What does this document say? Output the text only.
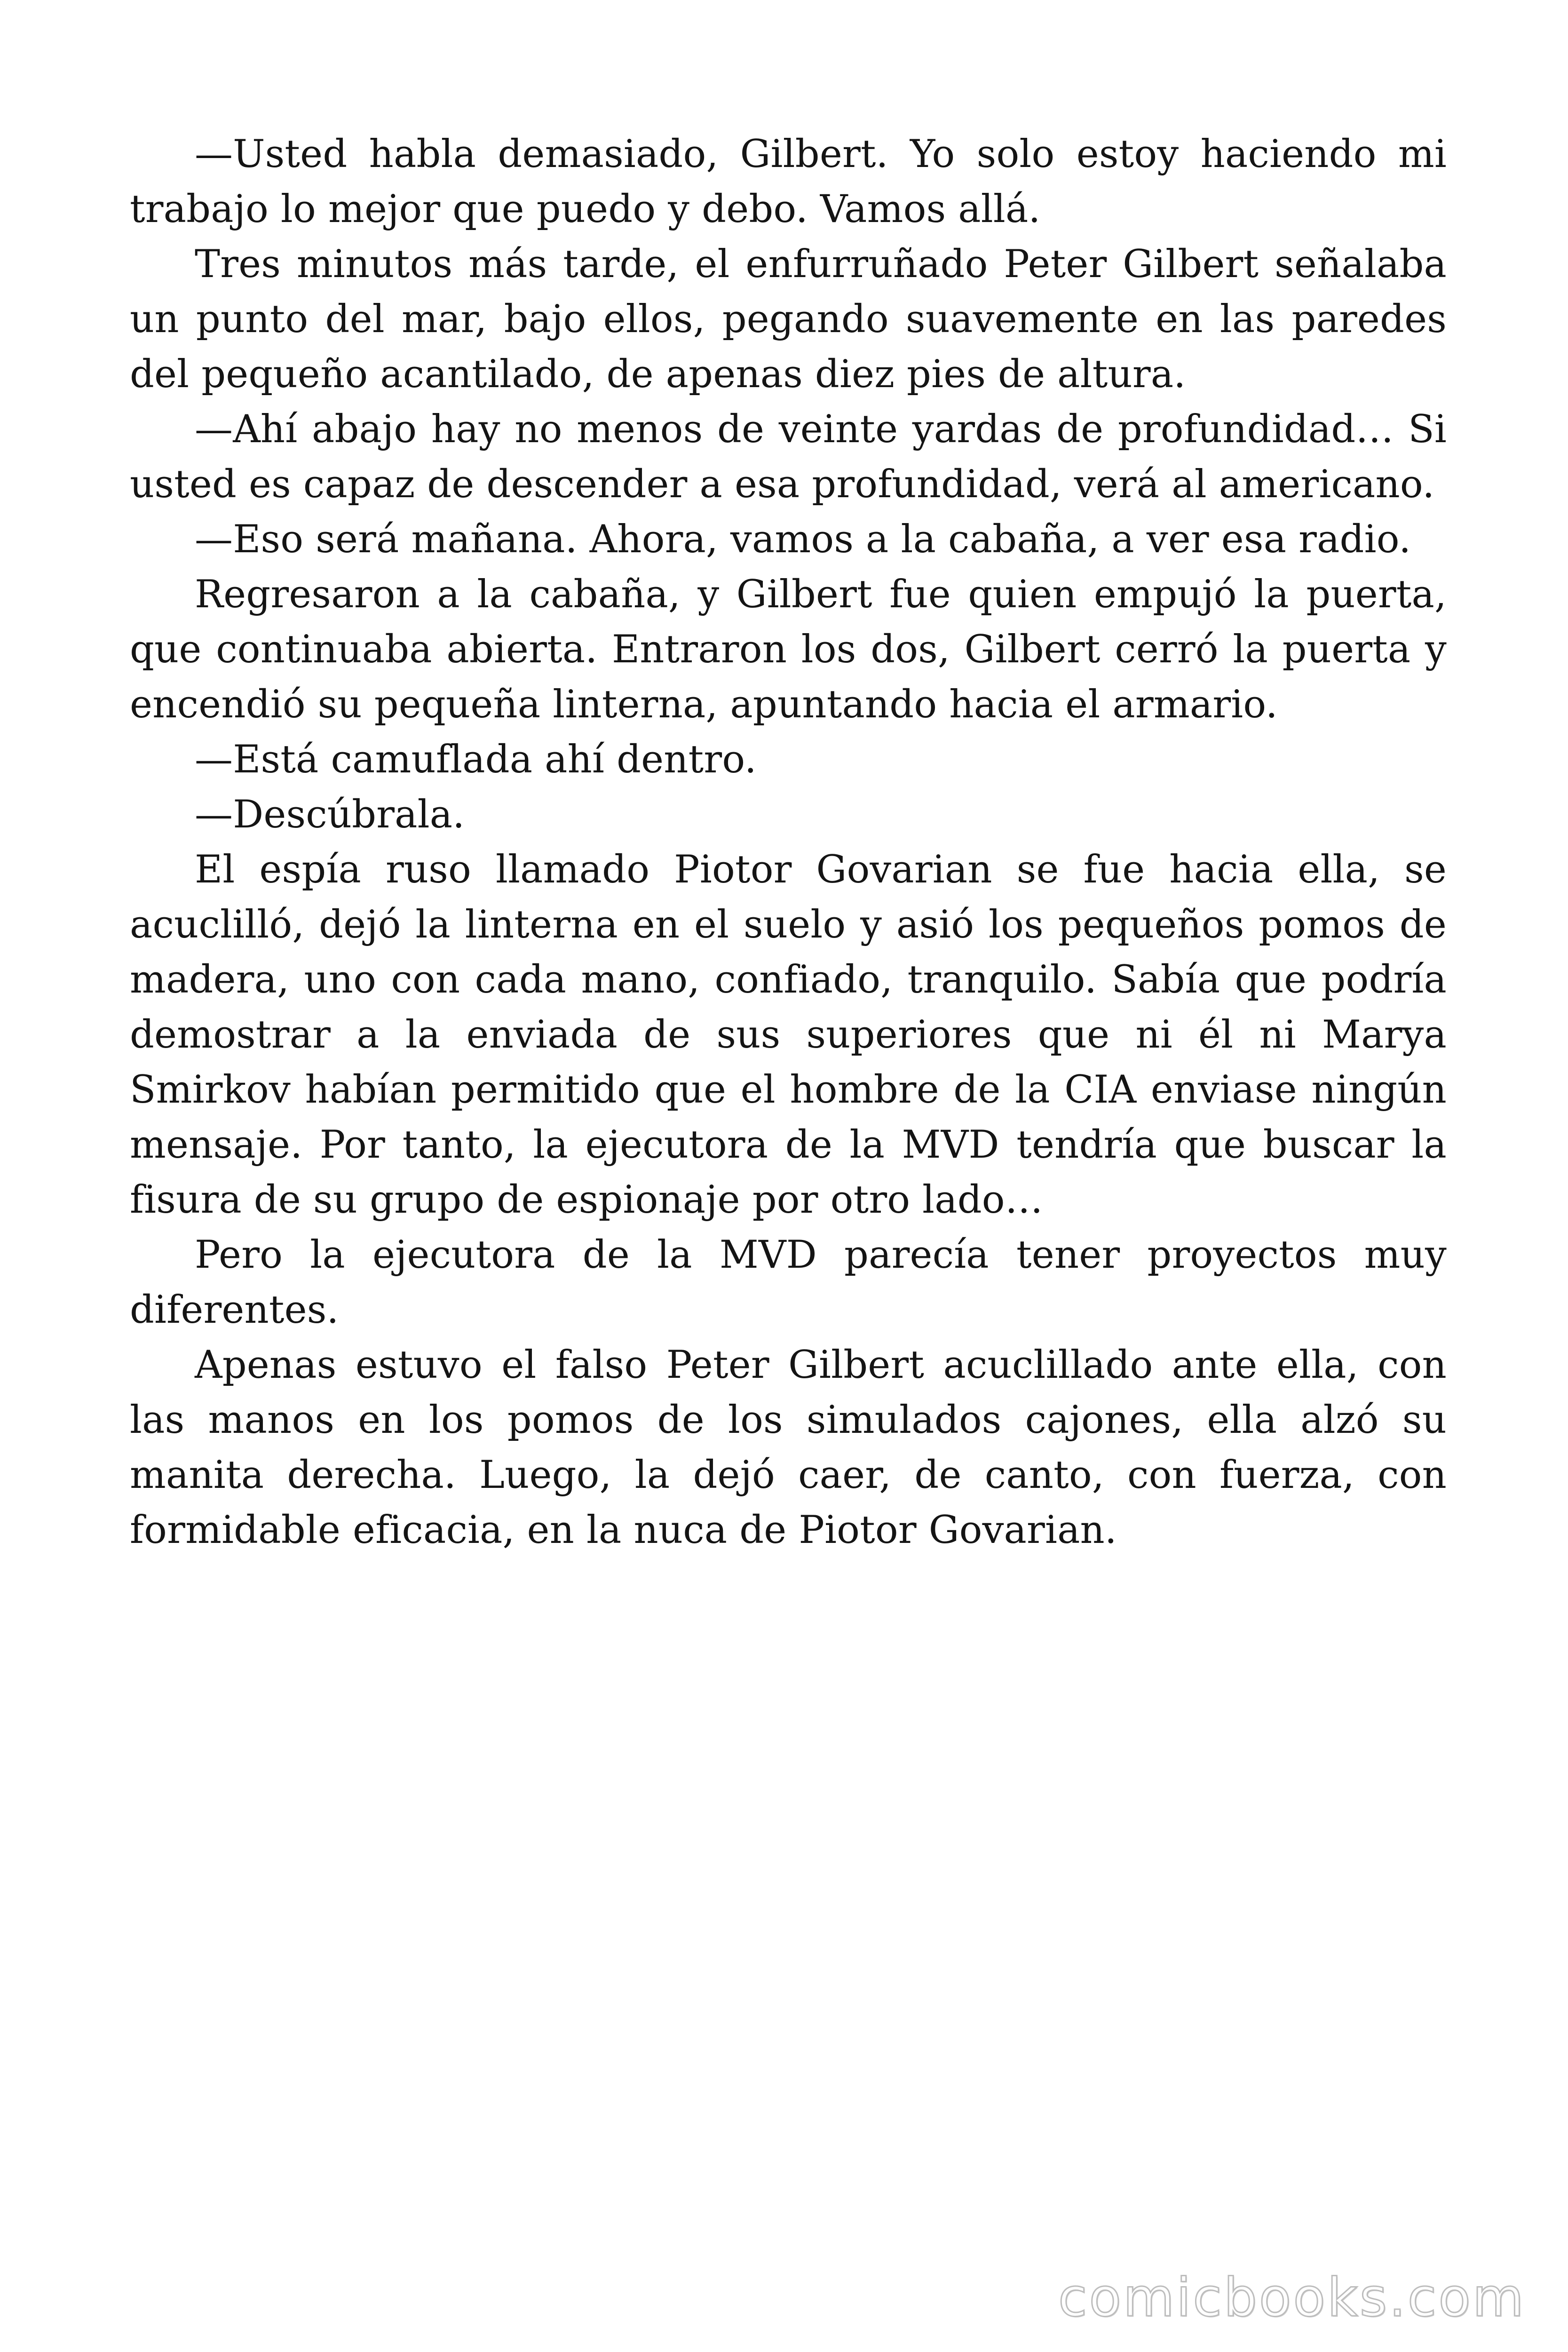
—Usted habla demasiado, Gilbert. Yo solo estoy haciendo mi trabajo lo mejor que puedo y debo. Vamos allá.

Tres minutos más tarde, el enfurruñado Peter Gilbert señalaba un punto del mar, bajo ellos, pegando suavemente en las paredes del pequeño acantilado, de apenas diez pies de altura.

—Ahí abajo hay no menos de veinte yardas de profundidad… Si usted es capaz de descender a esa profundidad, verá al americano.

—Eso será mañana. Ahora, vamos a la cabaña, a ver esa radio.

Regresaron a la cabaña, y Gilbert fue quien empujó la puerta, que continuaba abierta. Entraron los dos, Gilbert cerró la puerta y encendió su pequeña linterna, apuntando hacia el armario.

—Está camuflada ahí dentro.

—Descúbrala.

El espía ruso llamado Piotor Govarian se fue hacia ella, se acuclilló, dejó la linterna en el suelo y asió los pequeños pomos de madera, uno con cada mano, confiado, tranquilo. Sabía que podría demostrar a la enviada de sus superiores que ni él ni Marya Smirkov habían permitido que el hombre de la CIA enviase ningún mensaje. Por tanto, la ejecutora de la MVD tendría que buscar la fisura de su grupo de espionaje por otro lado…

Pero la ejecutora de la MVD parecía tener proyectos muy diferentes.

Apenas estuvo el falso Peter Gilbert acuclillado ante ella, con las manos en los pomos de los simulados cajones, ella alzó su manita derecha. Luego, la dejó caer, de canto, con fuerza, con formidable eficacia, en la nuca de Piotor Govarian.

comicbooks.com
